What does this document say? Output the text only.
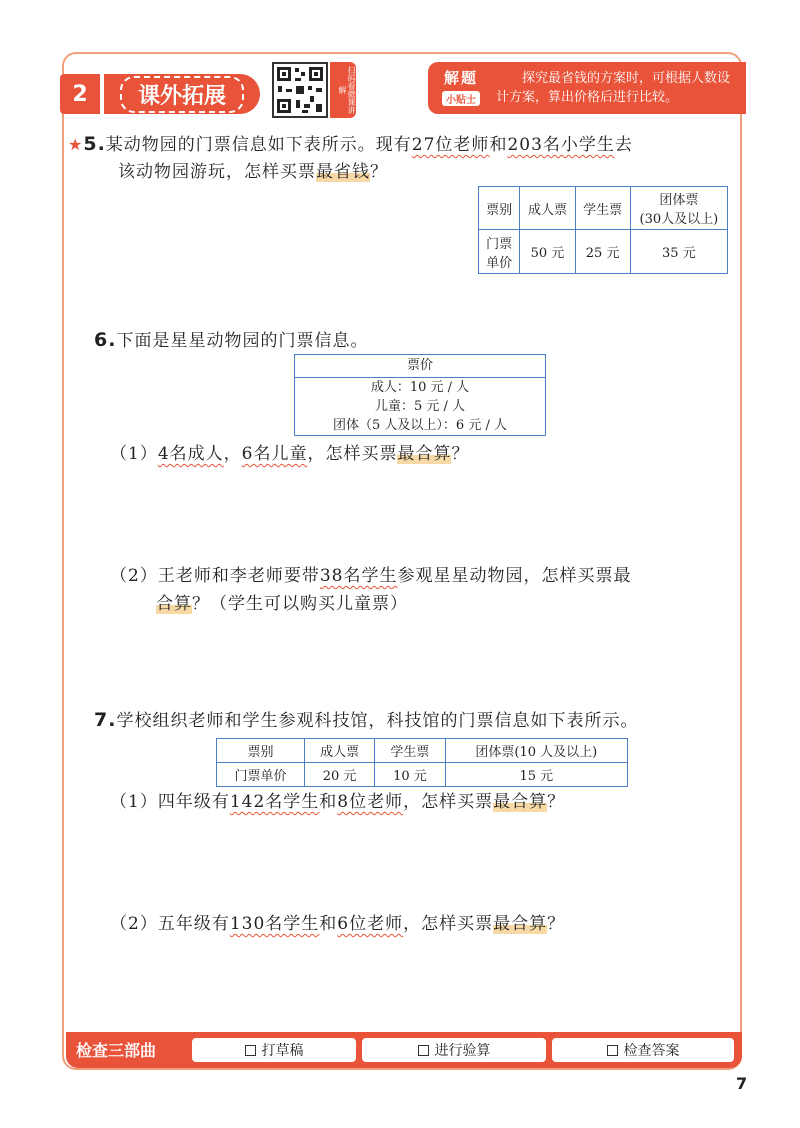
2	课外拓展	扫码看微课讲解
解题
小贴士
探究最省钱的方案时，可根据人数设计方案，算出价格后进行比较。
★5.某动物园的门票信息如下表所示。现有27位老师和203名小学生去
该动物园游玩，怎样买票最省钱？
票别	成人票	学生票	团体票
(30人及以上)

门票
单价	50 元	25 元	35 元
6.下面是星星动物园的门票信息。
票价
成人：10 元 / 人
儿童：5 元 / 人
团体（5 人及以上）：6 元 / 人
（1）4名成人，6名儿童，怎样买票最合算？
（2）王老师和李老师要带38名学生参观星星动物园，怎样买票最
合算？（学生可以购买儿童票）
7.学校组织老师和学生参观科技馆，科技馆的门票信息如下表所示。
票别	成人票	学生票	团体票(10 人及以上)
门票单价	20 元	10 元	15 元
（1）四年级有142名学生和8位老师，怎样买票最合算？
（2）五年级有130名学生和6位老师，怎样买票最合算？
检查三部曲	打草稿	进行验算	检查答案
7
